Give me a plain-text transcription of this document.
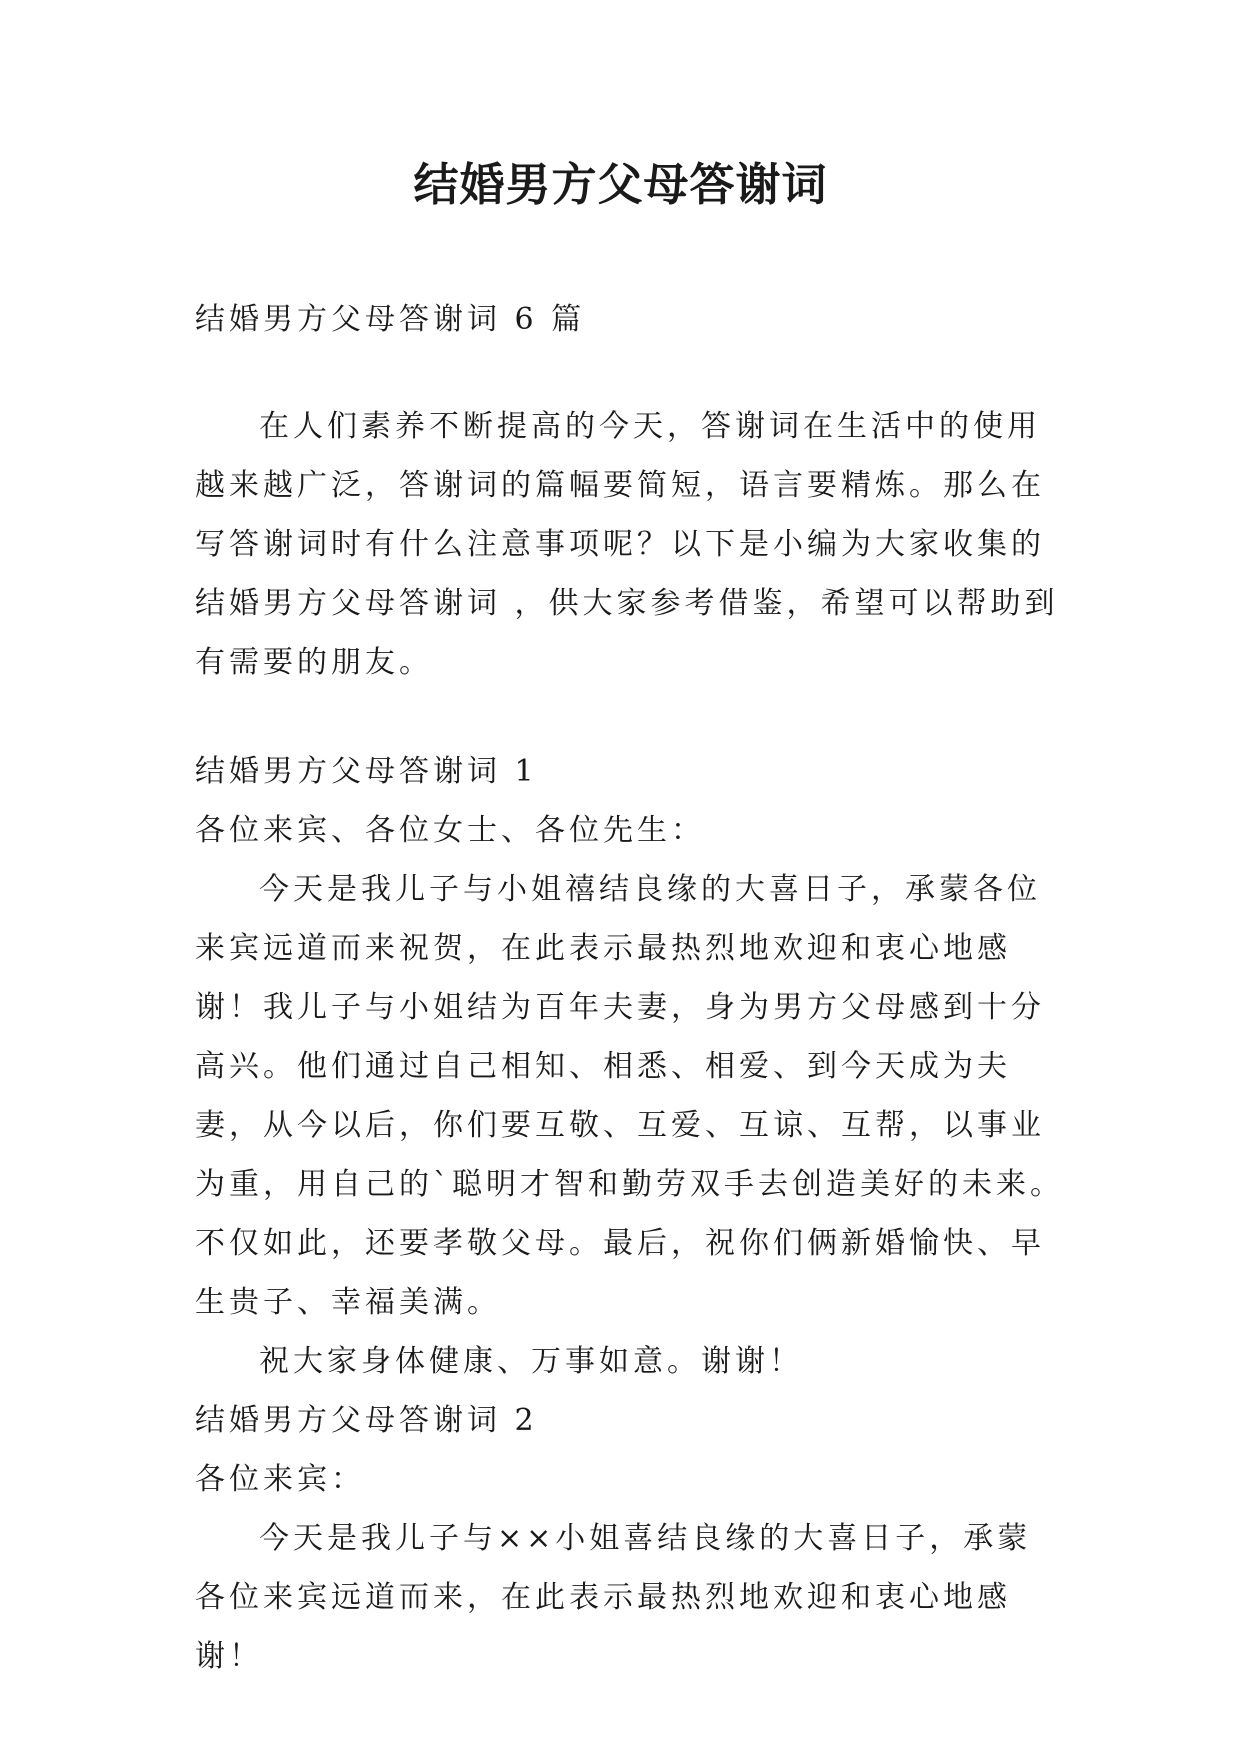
结婚男方父母答谢词

结婚男方父母答谢词 6 篇

在人们素养不断提高的今天，答谢词在生活中的使用越来越广泛，答谢词的篇幅要简短，语言要精炼。那么在写答谢词时有什么注意事项呢？以下是小编为大家收集的结婚男方父母答谢词 ，供大家参考借鉴，希望可以帮助到有需要的朋友。

结婚男方父母答谢词 1

各位来宾、各位女士、各位先生：

今天是我儿子与小姐禧结良缘的大喜日子，承蒙各位来宾远道而来祝贺，在此表示最热烈地欢迎和衷心地感谢！我儿子与小姐结为百年夫妻，身为男方父母感到十分高兴。他们通过自己相知、相悉、相爱、到今天成为夫妻，从今以后，你们要互敬、互爱、互谅、互帮，以事业为重，用自己的`聪明才智和勤劳双手去创造美好的未来。不仅如此，还要孝敬父母。最后，祝你们俩新婚愉快、早生贵子、幸福美满。

祝大家身体健康、万事如意。谢谢！

结婚男方父母答谢词 2

各位来宾：

今天是我儿子与××小姐喜结良缘的大喜日子，承蒙各位来宾远道而来，在此表示最热烈地欢迎和衷心地感谢！
